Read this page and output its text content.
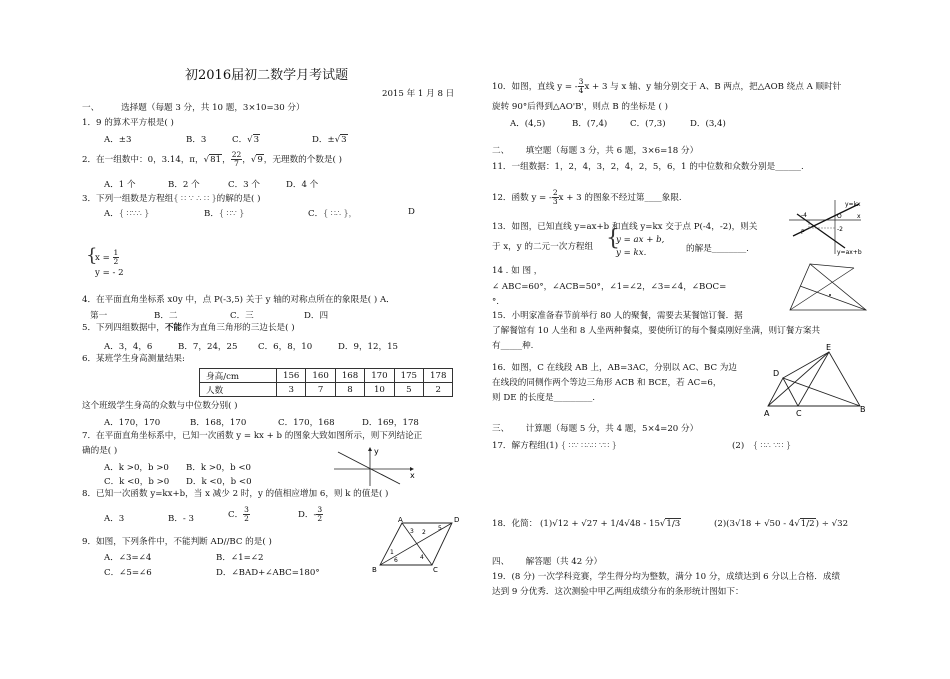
初2016届初二数学月考试题
2015 年 1 月 8 日
一、	选择题（每题 3 分，共 10 题，3×10=30 分）
1．9 的算术平方根是( )
A．±3	B．3	C．√3	D．±√3
2．在一组数中：0，3.14，π，√81， $\frac{22}{7}$ ，√9，无理数的个数是( )
A．1 个	B．2 个	C．3 个	D．4 个
3．下列一组数是方程组{ ∷ ∵ ∴ ∷ }的解的是( )
A．{ ∷∵∴ }	B．{ ∷∵ }	C．{ ∷∴ }，	D
{
$x = \frac{1}{2}$
y = - 2
4．在平面直角坐标系 x0y 中，点 P(-3,5) 关于 y 轴的对称点所在的象限是( ) A．
第一	B．二	C．三	D．四
5．下列四组数据中，不能作为直角三角形的三边长是( )
A．3，4，6	B．7，24，25 C．6，8，10	D．9，12，15
6．某班学生身高测量结果:
身高/cm	156	160	168	170	175	178
人数	3	7	8	10	5	2
这个班级学生身高的众数与中位数分别( )
A．170，170	B．168，170	C．170，168	D．169，178
7．在平面直角坐标系中，已知一次函数 y = kx + b 的图象大致如图所示，则下列结论正
确的是( )
A．k >0，b >0 B．k >0，b <0
C．k <0，b >0 D．k <0，b <0
y
x
8．已知一次函数 y=kx+b，当 x 减少 2 时，y 的值相应增加 6，则 k 的值是( )
A．3	B．- 3	C． $\frac{3}{2}$	D．- $\frac{3}{2}$
9．如图，下列条件中，不能判断 AD//BC 的是( )
A．∠3=∠4	B．∠1=∠2
C．∠5=∠6	D．∠BAD+∠ABC=180°
A	D
B	C
1
2
3
4
5
6
10．如图，直线 y = - $\frac{3}{4}$ x + 3 与 x 轴、y 轴分别交于 A、B 两点，把△AOB 绕点 A 顺时针
旋转 90°后得到△AO'B'，则点 B 的坐标是 ( )
A．(4,5)	B．(7,4)	C．(7,3)	D．(3,4)
二、 填空题（每题 3 分，共 6 题，3×6=18 分）
11．一组数据：1，2，4，3，2，4，2，5，6，1 的中位数和众数分别是______.
12．函数 y = - $\frac{2}{3}$ x + 3 的图象不经过第____象限.
13．如图，已知直线 y=ax+b 和直线 y=kx 交于点 P(-4，-2)，则关
于 x，y 的二元一次方程组 {
y = ax + b,
y = kx.	的解是________.
y=kx
-4	O	x
-2
P
y=ax+b
14 . 如 图 ，
∠ ABC=60°，∠ACB=50°，∠1=∠2，∠3=∠4，∠BOC=
°.
15．小明家准备春节前举行 80 人的聚餐，需要去某餐馆订餐．据
了解餐馆有 10 人坐和 8 人坐两种餐桌，要使所订的每个餐桌刚好坐满，则订餐方案共
有_____种.
16．如图，C 在线段 AB 上，AB=3AC，分别以 AC、BC 为边
在线段的同侧作两个等边三角形 ACB 和 BCE，若 AC=6，
则 DE 的长度是_________.
E
D
A	C	B
三、 计算题（每题 5 分，共 4 题，5×4=20 分）
17．解方程组(1) { ∷∵ ∷∴∷ ∵∷ }	(2) { ∷∴ ∵∷ }
18．化简： (1)√12 + √27 + 1/4√48 - 15√1/3	(2)(3√18 + √50 - 4√1/2) ÷ √32
四、 解答题（共 42 分）
19．(8 分) 一次学科竞赛，学生得分均为整数，满分 10 分，成绩达到 6 分以上合格．成绩
达到 9 分优秀．这次测验中甲乙两组成绩分布的条形统计图如下：
